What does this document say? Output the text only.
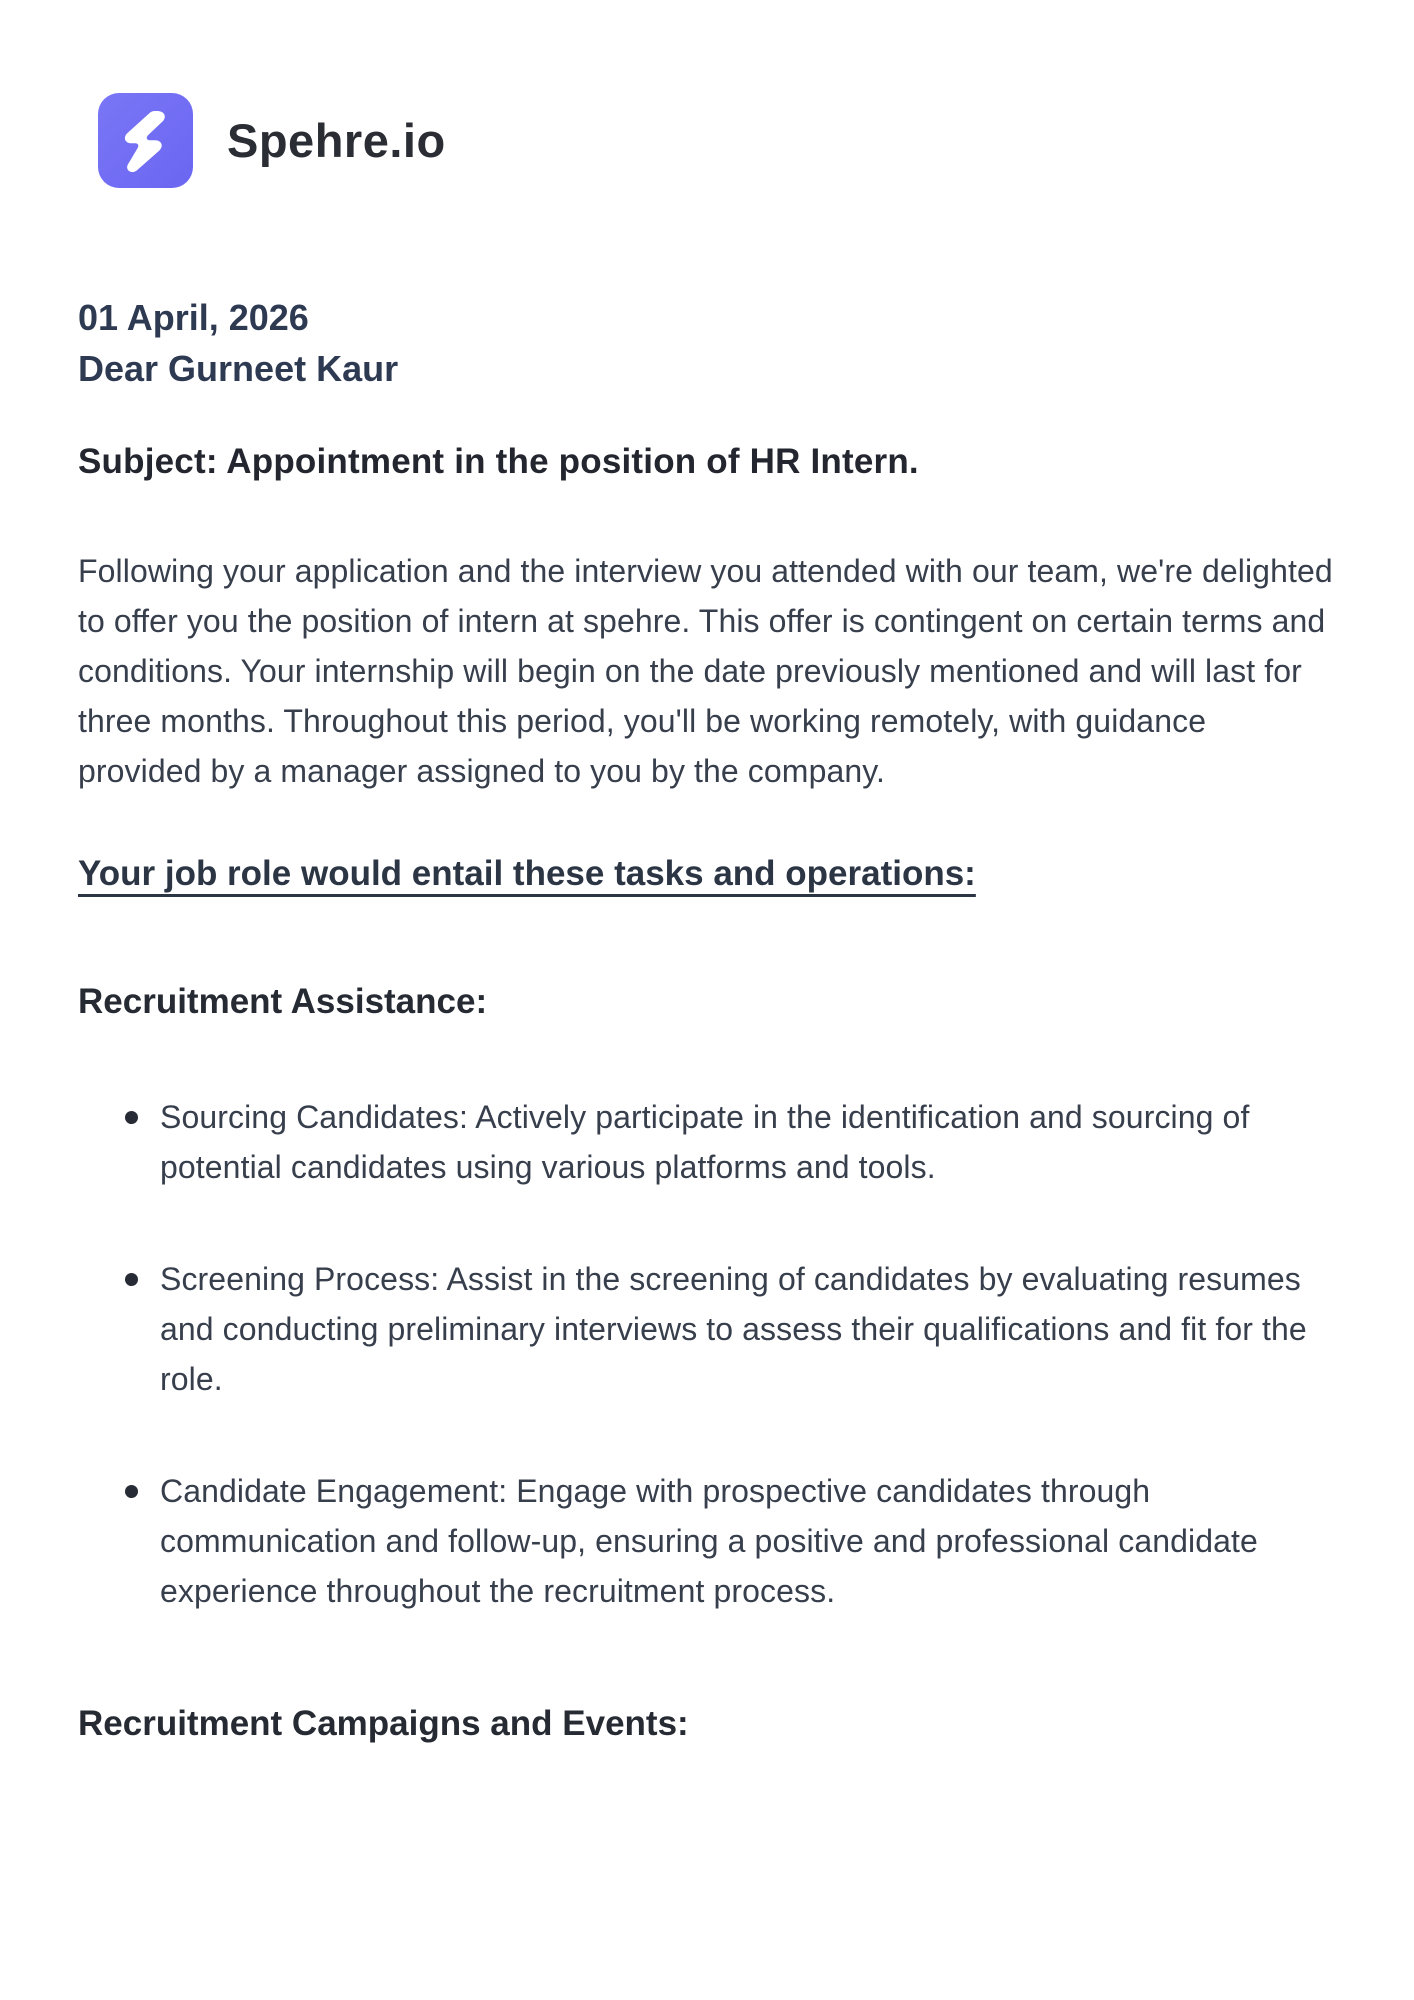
Spehre.io
01 April, 2026
Dear Gurneet Kaur

Subject: Appointment in the position of HR Intern.

Following your application and the interview you attended with our team, we're delighted to offer you the position of intern at spehre. This offer is contingent on certain terms and conditions. Your internship will begin on the date previously mentioned and will last for three months. Throughout this period, you'll be working remotely, with guidance provided by a manager assigned to you by the company.

Your job role would entail these tasks and operations:
Recruitment Assistance:
Sourcing Candidates: Actively participate in the identification and sourcing of potential candidates using various platforms and tools.
Screening Process: Assist in the screening of candidates by evaluating resumes and conducting preliminary interviews to assess their qualifications and fit for the role.
Candidate Engagement: Engage with prospective candidates through communication and follow-up, ensuring a positive and professional candidate experience throughout the recruitment process.
Recruitment Campaigns and Events:
